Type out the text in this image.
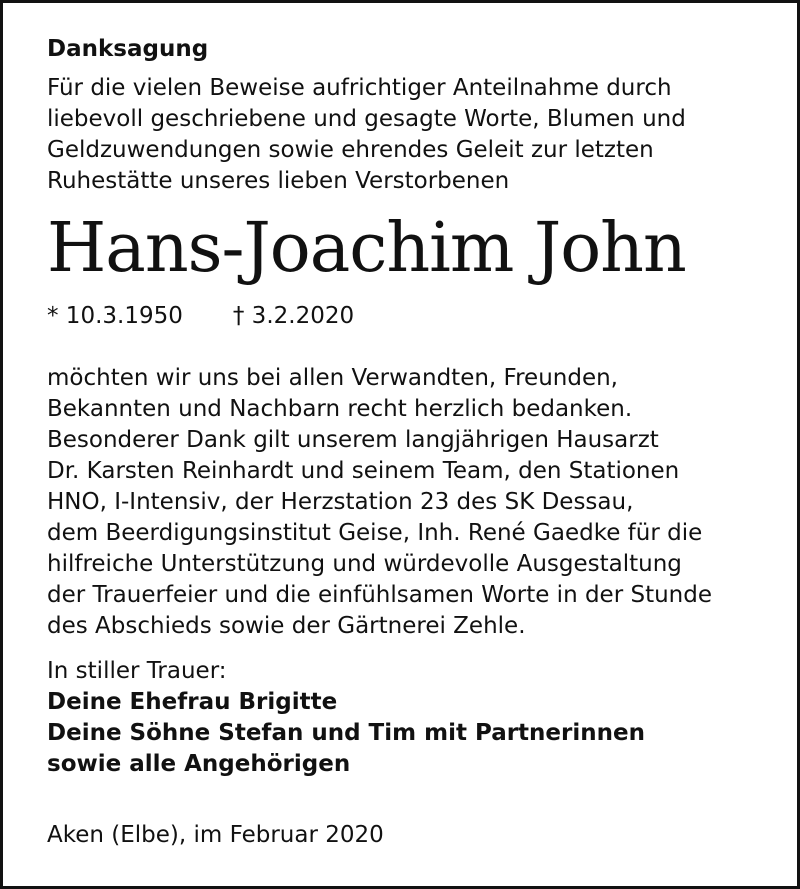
Danksagung
Für die vielen Beweise aufrichtiger Anteilnahme durch
liebevoll geschriebene und gesagte Worte, Blumen und
Geldzuwendungen sowie ehrendes Geleit zur letzten
Ruhestätte unseres lieben Verstorbenen
Hans-Joachim John
* 10.3.1950 † 3.2.2020
möchten wir uns bei allen Verwandten, Freunden,
Bekannten und Nachbarn recht herzlich bedanken.
Besonderer Dank gilt unserem langjährigen Hausarzt
Dr. Karsten Reinhardt und seinem Team, den Stationen
HNO, I-Intensiv, der Herzstation 23 des SK Dessau,
dem Beerdigungsinstitut Geise, Inh. René Gaedke für die
hilfreiche Unterstützung und würdevolle Ausgestaltung
der Trauerfeier und die einfühlsamen Worte in der Stunde
des Abschieds sowie der Gärtnerei Zehle.
In stiller Trauer:
Deine Ehefrau Brigitte
Deine Söhne Stefan und Tim mit Partnerinnen
sowie alle Angehörigen
Aken (Elbe), im Februar 2020
